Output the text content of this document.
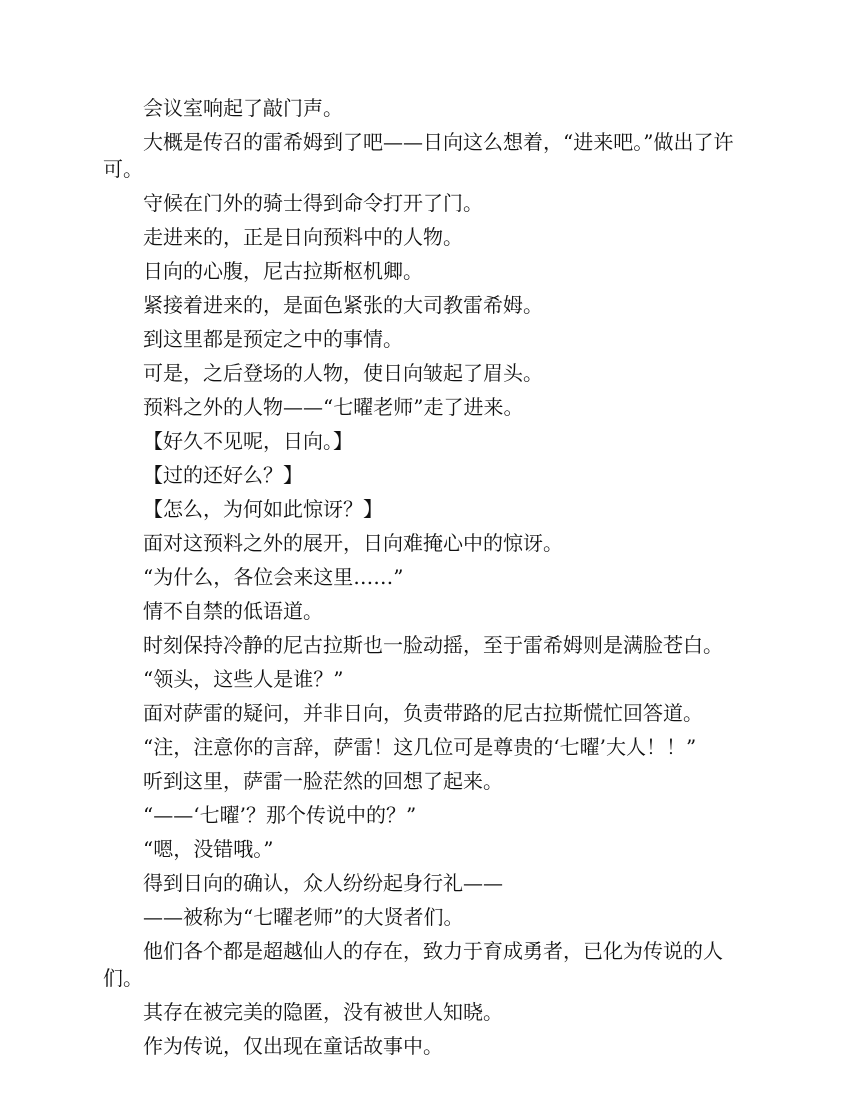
会议室响起了敲门声。

大概是传召的雷希姆到了吧——日向这么想着，“进来吧。”做出了许可。

守候在门外的骑士得到命令打开了门。

走进来的，正是日向预料中的人物。

日向的心腹，尼古拉斯枢机卿。

紧接着进来的，是面色紧张的大司教雷希姆。

到这里都是预定之中的事情。

可是，之后登场的人物，使日向皱起了眉头。

预料之外的人物——“七曜老师”走了进来。

【好久不见呢，日向。】

【过的还好么？】

【怎么，为何如此惊讶？】

面对这预料之外的展开，日向难掩心中的惊讶。

“为什么，各位会来这里……”

情不自禁的低语道。

时刻保持冷静的尼古拉斯也一脸动摇，至于雷希姆则是满脸苍白。

“领头，这些人是谁？”

面对萨雷的疑问，并非日向，负责带路的尼古拉斯慌忙回答道。

“注，注意你的言辞，萨雷！这几位可是尊贵的‘七曜’大人！！”

听到这里，萨雷一脸茫然的回想了起来。

“——‘七曜’？那个传说中的？”

“嗯，没错哦。”

得到日向的确认，众人纷纷起身行礼——

——被称为“七曜老师”的大贤者们。

他们各个都是超越仙人的存在，致力于育成勇者，已化为传说的人们。

其存在被完美的隐匿，没有被世人知晓。

作为传说，仅出现在童话故事中。
